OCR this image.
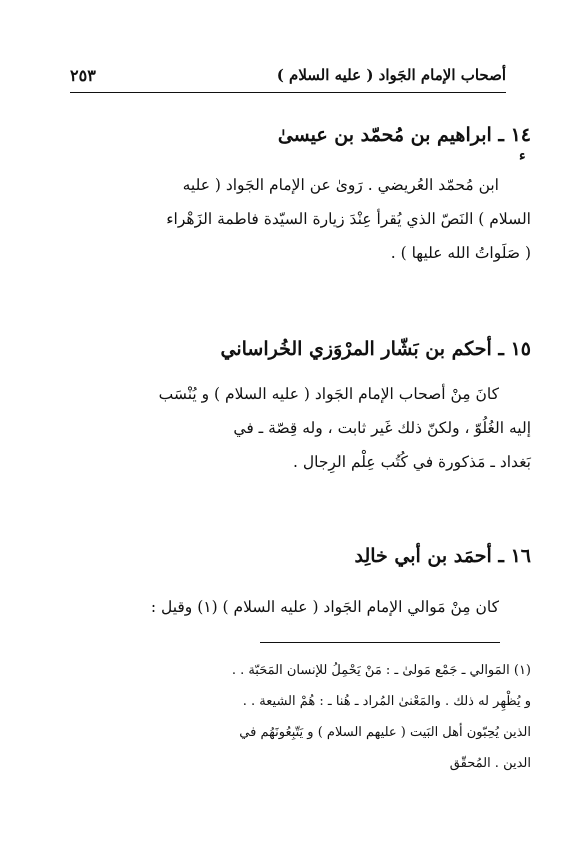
أصحاب الإمام الجَواد ( عليه السلام )
٢٥٣
١٤ ـ ابراهيم بن مُحمّد بن عيسىٰ
ء

ابن مُحمّد العُريضي . رَوىٰ عن الإمام الجَواد ( عليه

السلام ) النَصّ الذي يُقرأ عِنْدَ زيارة السيّدة فاطمة الزَهْراء

( صَلَواتُ الله عليها ) .

١٥ ـ أحكم بن بَشّار المرْوَزي الخُراساني

كانَ مِنْ أصحاب الإمام الجَواد ( عليه السلام ) و يُنْسَب

إليه الغُلُوّ ، ولكنّ ذلك غَير ثابت ، وله قِصّة ـ في

بَغداد ـ مَذكورة في كُتُب عِلْم الرِجال .

١٦ ـ أحمَد بن أبي خالِد

كان مِنْ مَوالي الإمام الجَواد ( عليه السلام ) (١) وقيل :

(١) المَوالي ـ جَمْع مَولىٰ ـ : مَنْ يَحْمِلُ للإنسان المَحَبّة . .

و يُظْهِر له ذلك . والمَعْنىٰ المُراد ـ هُنا ـ : هُمْ الشيعة . .

الذين يُحِبّون أهل البَيت ( عليهم السلام ) و يَتّبِعُونَهُم في

الدين . المُحقّق
